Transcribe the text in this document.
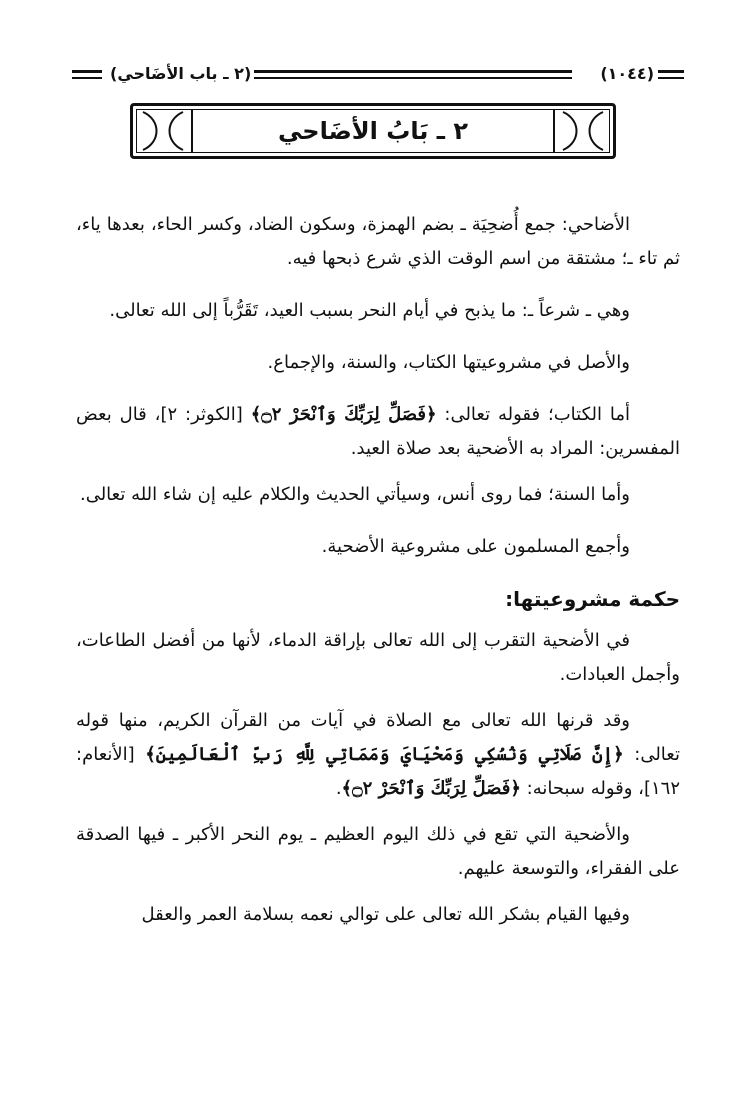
(١٠٤٤)
(٢ ـ باب الأضَاحي)
٢ ـ بَابُ الأضَاحي

الأضاحي: جمع أُضحِيَة ـ بضم الهمزة، وسكون الضاد، وكسر الحاء، بعدها ياء، ثم تاء ـ؛ مشتقة من اسم الوقت الذي شرع ذبحها فيه.

وهي ـ شرعاً ـ: ما يذبح في أيام النحر بسبب العيد، تَقَرُّباً إلى الله تعالى.

والأصل في مشروعيتها الكتاب، والسنة، والإجماع.

أما الكتاب؛ فقوله تعالى: ﴿فَصَلِّ لِرَبِّكَ وَٱنْحَرْ ۝٢﴾ [الكوثر: ٢]، قال بعض المفسرين: المراد به الأضحية بعد صلاة العيد.

وأما السنة؛ فما روى أنس، وسيأتي الحديث والكلام عليه إن شاء الله تعالى.

وأجمع المسلمون على مشروعية الأضحية.

حكمة مشروعيتها:

في الأضحية التقرب إلى الله تعالى بإراقة الدماء، لأنها من أفضل الطاعات، وأجمل العبادات.

وقد قرنها الله تعالى مع الصلاة في آيات من القرآن الكريم، منها قوله تعالى: ﴿إِنَّ صَلَاتِي وَنُسُكِي وَمَحْيَايَ وَمَمَاتِي لِلَّهِ رَبِّ ٱلْعَالَمِينَ﴾ [الأنعام: ١٦٢]، وقوله سبحانه: ﴿فَصَلِّ لِرَبِّكَ وَٱنْحَرْ ۝٢﴾.

والأضحية التي تقع في ذلك اليوم العظيم ـ يوم النحر الأكبر ـ فيها الصدقة على الفقراء، والتوسعة عليهم.

وفيها القيام بشكر الله تعالى على توالي نعمه بسلامة العمر والعقل
